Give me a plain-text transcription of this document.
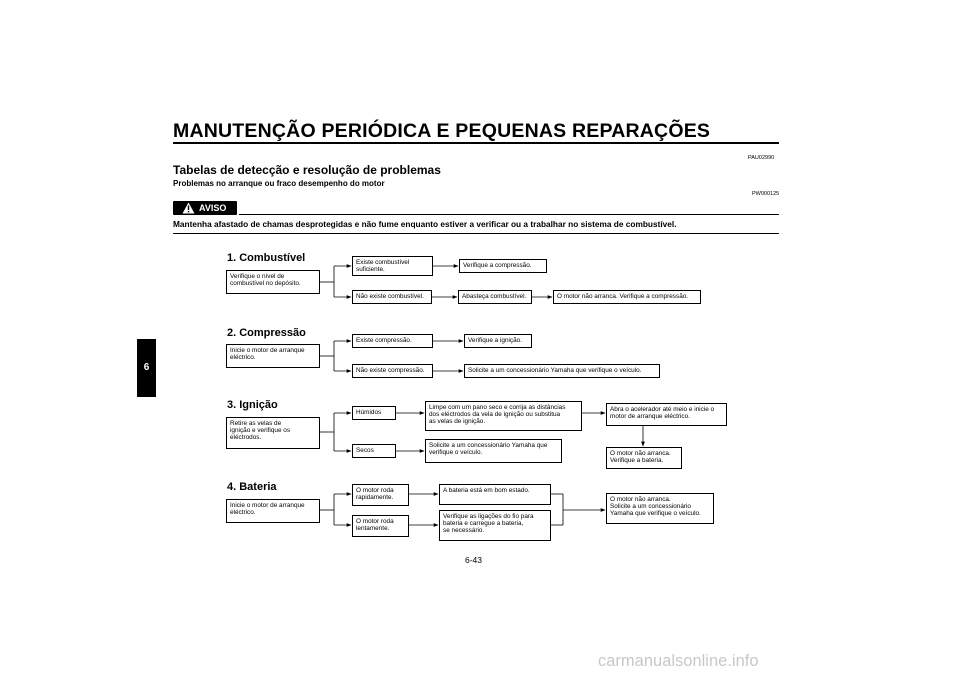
MANUTENÇÃO PERIÓDICA E PEQUENAS REPARAÇÕES
PAU02990
Tabelas de detecção e resolução de problemas
Problemas no arranque ou fraco desempenho do motor
PW000125
AVISO
Mantenha afastado de chamas desprotegidas e não fume enquanto estiver a verificar ou a trabalhar no sistema de combustível.
6
1. Combustível
Verifique o nível de
combustível no depósito.
Existe combustível
suficiente.
Verifique a compressão.
Não existe combustível.	Abasteça combustível.	O motor não arranca. Verifique a compressão.
2. Compressão
Inicie o motor de arranque
eléctrico.
Existe compressão.	Verifique a ignição.
Não existe compressão.	Solicite a um concessionário Yamaha que verifique o veículo.
3. Ignição
Retire as velas de
ignição e verifique os
eléctrodos.
Húmidos
Limpe com um pano seco e corrija as distâncias
dos eléctrodos da vela de ignição ou substitua
as velas de ignição.
Abra o acelerador até meio e inicie o
motor de arranque eléctrico.
Secos
Solicite a um concessionário Yamaha que
verifique o veículo.	O motor não arranca.
Verifique a bateria.
4. Bateria
Inicie o motor de arranque
eléctrico.
O motor roda
rapidamente.
A bateria está em bom estado.
O motor roda
lentamente.
Verifique as ligações do fio para
bateria e carregue a bateria,
se necessário.
O motor não arranca.
Solicite a um concessionário
Yamaha que verifique o veículo.
6-43
carmanualsonline.info
